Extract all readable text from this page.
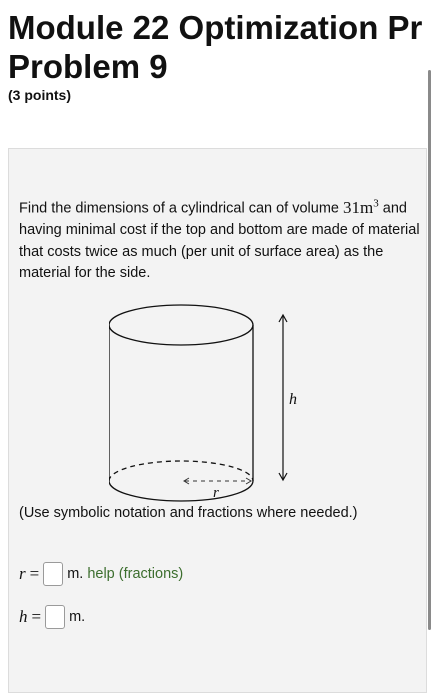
Module 22 Optimization Pr
Problem 9
(3 points)
Find the dimensions of a cylindrical can of volume $31m^3$ and having minimal cost if the top and bottom are made of material that costs twice as much (per unit of surface area) as the material for the side.
r
h
(Use symbolic notation and fractions where needed.)
r = m. help (fractions)
h = m.
